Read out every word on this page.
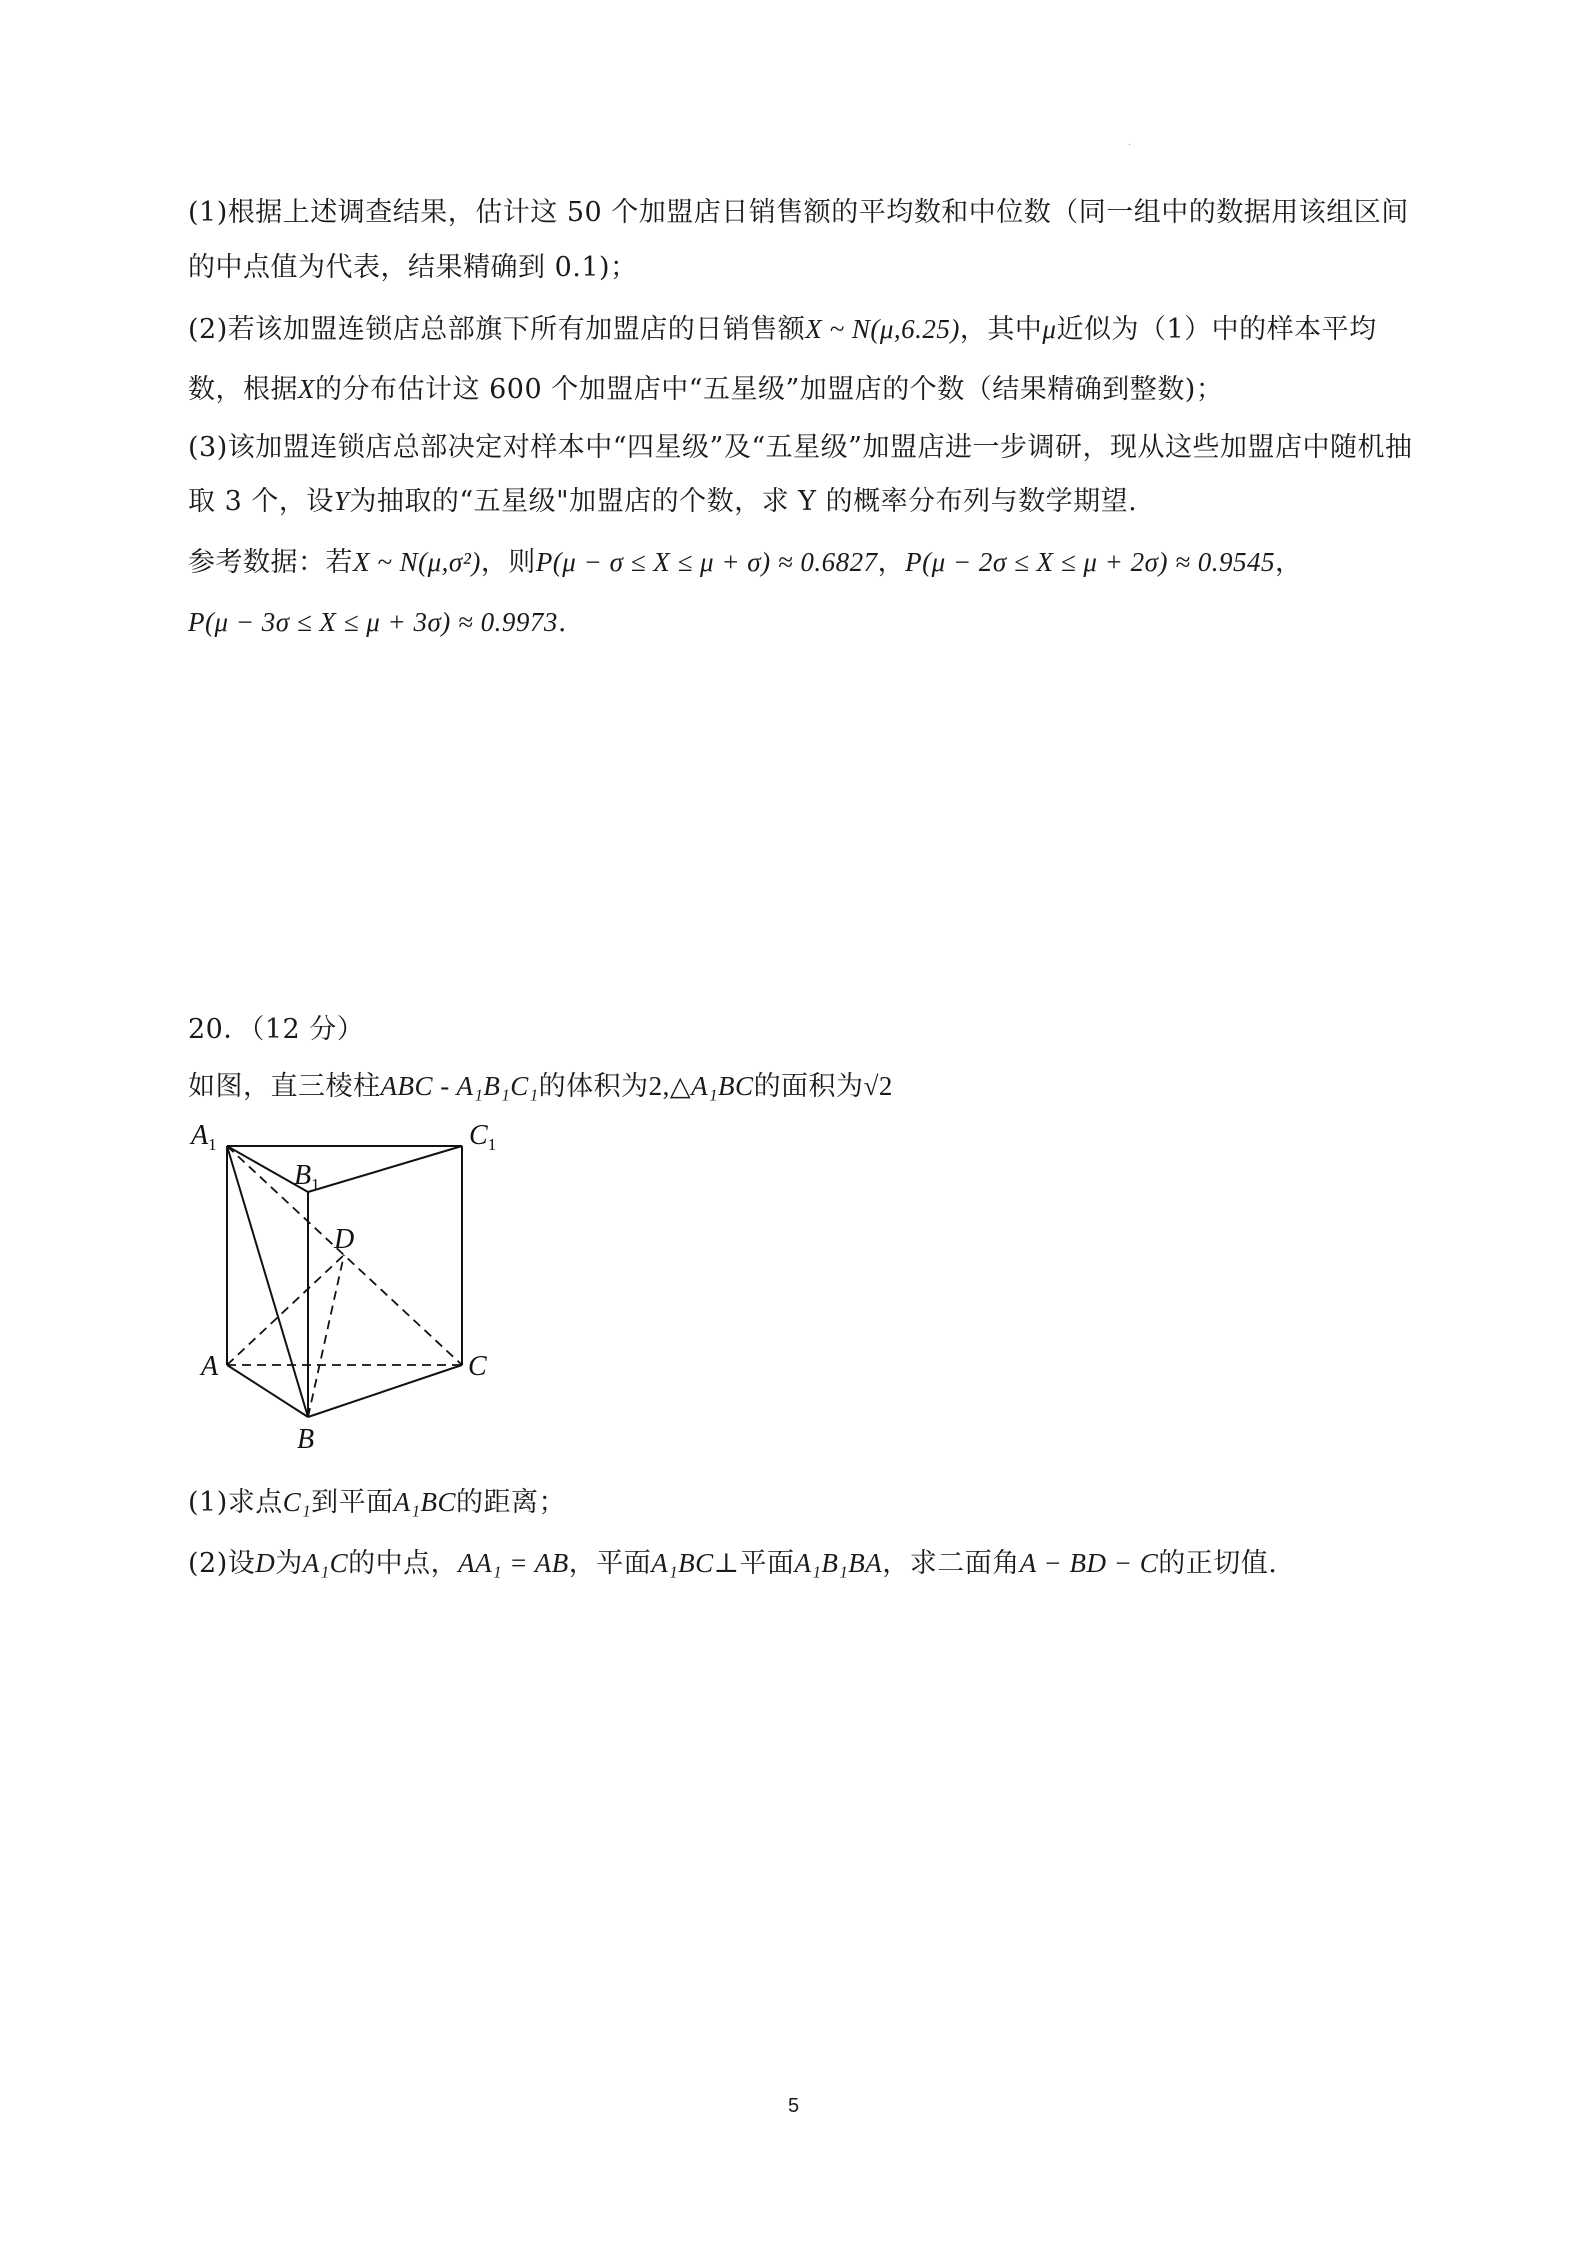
·
(1)根据上述调查结果，估计这 50 个加盟店日销售额的平均数和中位数（同一组中的数据用该组区间
的中点值为代表，结果精确到 0.1)；
(2)若该加盟连锁店总部旗下所有加盟店的日销售额X ~ N(μ,6.25)，其中μ近似为（1）中的样本平均
数，根据X的分布估计这 600 个加盟店中“五星级”加盟店的个数（结果精确到整数)；
(3)该加盟连锁店总部决定对样本中“四星级”及“五星级”加盟店进一步调研，现从这些加盟店中随机抽
取 3 个，设Y为抽取的“五星级"加盟店的个数，求 Y 的概率分布列与数学期望.
参考数据：若X ~ N(μ,σ²)，则P(μ − σ ≤ X ≤ μ + σ) ≈ 0.6827，P(μ − 2σ ≤ X ≤ μ + 2σ) ≈ 0.9545，
P(μ − 3σ ≤ X ≤ μ + 3σ) ≈ 0.9973.
20．（12 分）
如图，直三棱柱ABC - A₁B₁C₁的体积为2,△A₁BC的面积为√2
$A_1$
$B_1$
$C_1$
D
A	C
B
(1)求点C₁到平面A₁BC的距离；
(2)设D为A₁C的中点，AA₁ = AB，平面A₁BC⊥平面A₁B₁BA，求二面角A − BD − C的正切值.
5
